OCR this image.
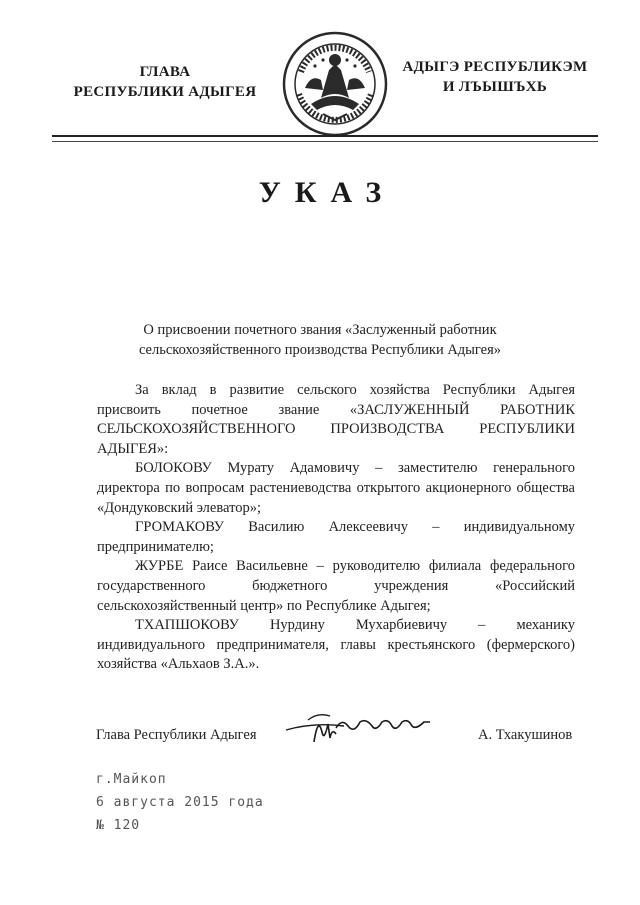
ГЛАВА
РЕСПУБЛИКИ АДЫГЕЯ
АДЫГЭ РЕСПУБЛИКЭМ
И ЛЪЫШЪХЬ
УКАЗ
О присвоении почетного звания «Заслуженный работник
сельскохозяйственного производства Республики Адыгея»

За вклад в развитие сельского хозяйства Республики Адыгея присвоить почетное звание «ЗАСЛУЖЕННЫЙ РАБОТНИК СЕЛЬСКОХОЗЯЙСТВЕННОГО ПРОИЗВОДСТВА РЕСПУБЛИКИ АДЫГЕЯ»:

БОЛОКОВУ Мурату Адамовичу – заместителю генерального директора по вопросам растениеводства открытого акционерного общества «Дондуковский элеватор»;

ГРОМАКОВУ Василию Алексеевичу – индивидуальному предпринимателю;

ЖУРБЕ Раисе Васильевне – руководителю филиала федерального государственного бюджетного учреждения «Российский сельскохозяйственный центр» по Республике Адыгея;

ТХАПШОКОВУ Нурдину Мухарбиевичу – механику индивидуального предпринимателя, главы крестьянского (фермерского) хозяйства «Альхаов З.А.».

Глава Республики Адыгея	А. Тхакушинов
г.Майкоп
6 августа 2015 года
№ 120
